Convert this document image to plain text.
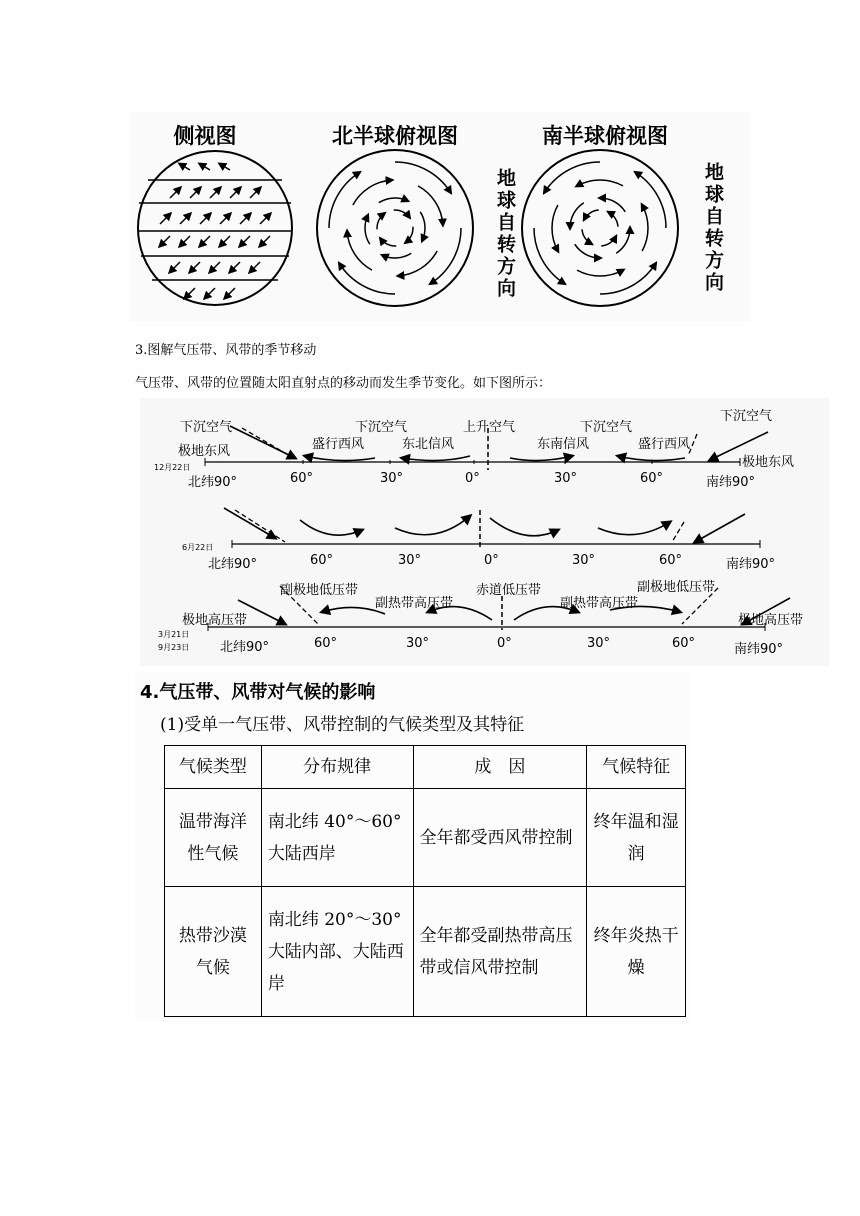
侧视图	北半球俯视图	南半球俯视图
地球自转方向	地球自转方向
3.图解气压带、风带的季节移动
气压带、风带的位置随太阳直射点的移动而发生季节变化。如下图所示：
12月22日
下沉空气
极地东风
下沉空气
盛行西风	东北信风
上升空气
东南信风
下沉空气
盛行西风
下沉空气
极地东风
北纬90°	60°	30°	0°	30°	60°	南纬90°
6月22日
北纬90°	60°	30°	0°	30°	60°	南纬90°
3月21日
9月23日
副极地低压带
极地高压带
副热带高压带
赤道低压带
副热带高压带
副极地低压带
极地高压带
北纬90°	60°	30°	0°	30°	60°	南纬90°
4.气压带、风带对气候的影响
(1)受单一气压带、风带控制的气候类型及其特征
气候类型	分布规律	成　因	气候特征
温带海洋性气候	南北纬 40°～60°大陆西岸	全年都受西风带控制	终年温和湿润
热带沙漠气候	南北纬 20°～30°大陆内部、大陆西岸	全年都受副热带高压带或信风带控制	终年炎热干燥
